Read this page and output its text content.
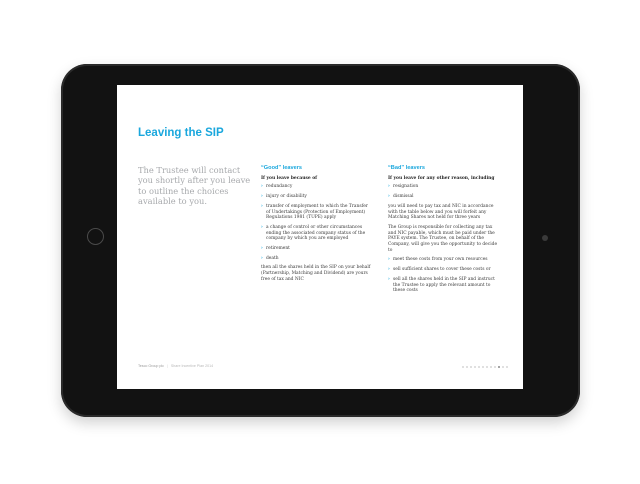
Leaving the SIP

The Trustee will contact you shortly after you leave to outline the choices available to you.

“Good” leavers

If you leave because of

› redundancy
› injury or disability
› transfer of employment to which the Transfer of Undertakings (Protection of Employment) Regulations 1981 (TUPE) apply
› a change of control or other circumstances ending the associated company status of the company by which you are employed
› retirement
› death

then all the shares held in the SIP on your behalf (Partnership, Matching and Dividend) are yours free of tax and NIC

“Bad” leavers

If you leave for any other reason, including

› resignation
› dismissal

you will need to pay tax and NIC in accordance with the table below and you will forfeit any Matching Shares not held for three years

The Group is responsible for collecting any tax and NIC payable, which must be paid under the PAYE system. The Trustee, on behalf of the Company, will give you the opportunity to decide to

› meet these costs from your own resources
› sell sufficient shares to cover these costs or
› sell all the shares held in the SIP and instruct the Trustee to apply the relevant amount to these costs
Tesco Group plc | Share Incentive Plan 2014
